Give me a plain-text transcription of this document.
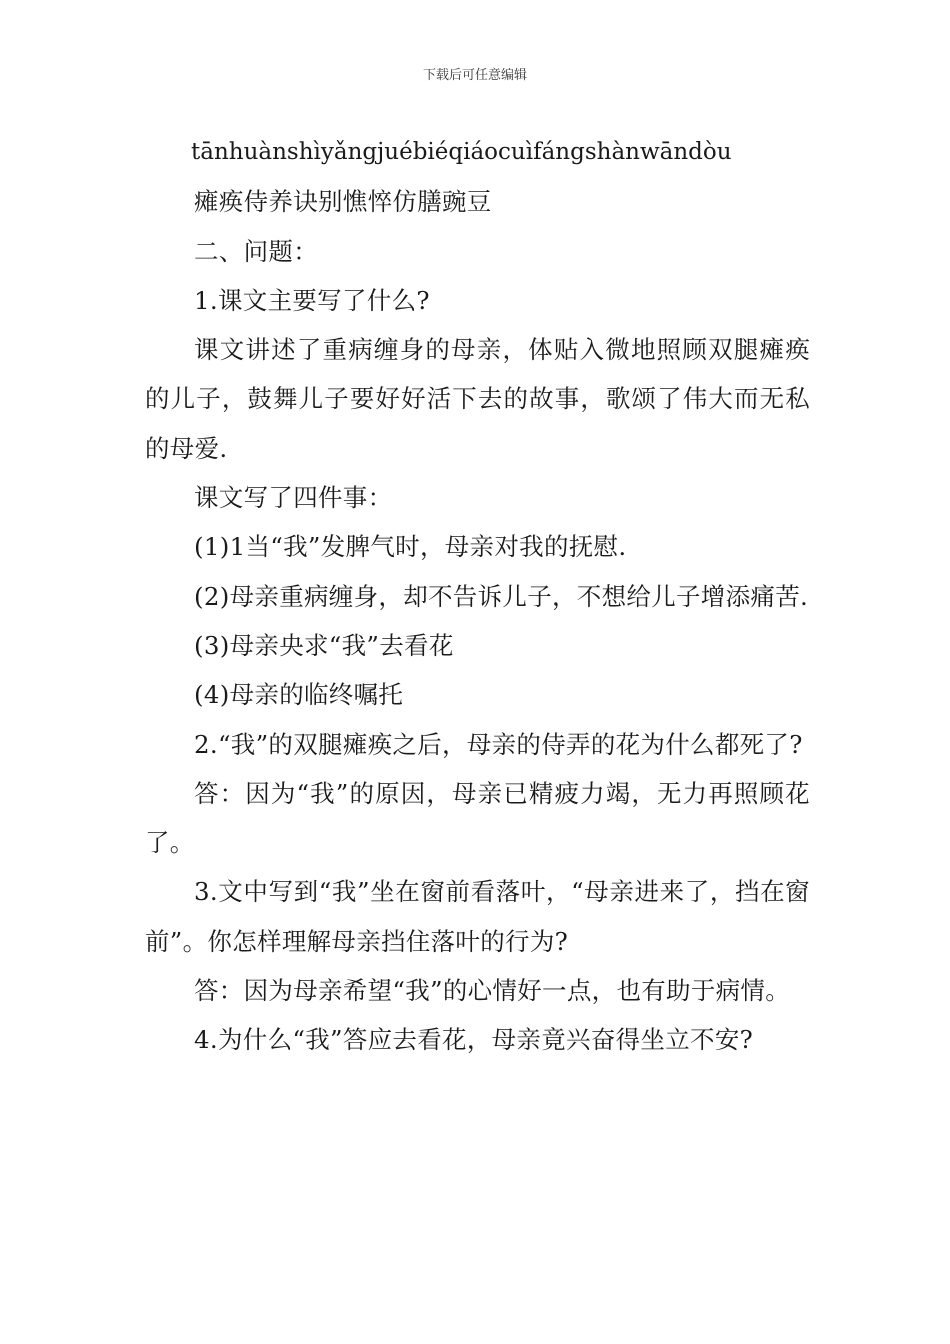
下载后可任意编辑

tānhuànshìyǎngjuébiéqiáocuìfángshànwāndòu

瘫痪侍养诀别憔悴仿膳豌豆

二、问题：

1.课文主要写了什么?

课文讲述了重病缠身的母亲，体贴入微地照顾双腿瘫痪的儿子，鼓舞儿子要好好活下去的故事，歌颂了伟大而无私的母爱.

课文写了四件事：

(1)1当“我”发脾气时，母亲对我的抚慰.

(2)母亲重病缠身，却不告诉儿子，不想给儿子增添痛苦.

(3)母亲央求“我”去看花

(4)母亲的临终嘱托

2.“我”的双腿瘫痪之后，母亲的侍弄的花为什么都死了?

答：因为“我”的原因，母亲已精疲力竭，无力再照顾花了。

3.文中写到“我”坐在窗前看落叶，“母亲进来了，挡在窗前”。你怎样理解母亲挡住落叶的行为?

答：因为母亲希望“我”的心情好一点，也有助于病情。

4.为什么“我”答应去看花，母亲竟兴奋得坐立不安?
